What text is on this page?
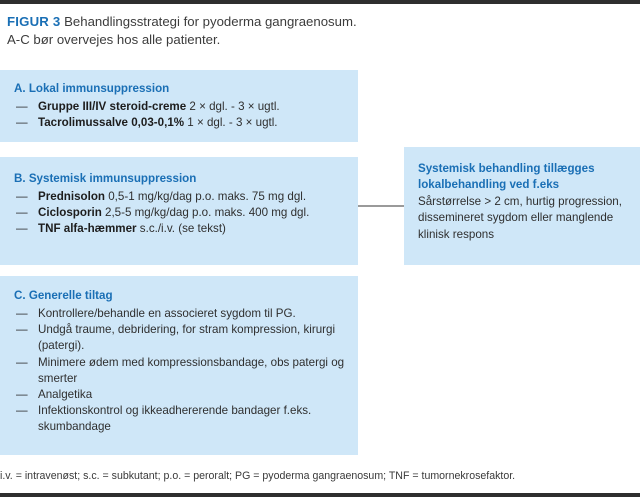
FIGUR 3 Behandlingsstrategi for pyoderma gangraenosum.
A-C bør overvejes hos alle patienter.
A. Lokal immunsuppression
— Gruppe III/IV steroid-creme 2 × dgl. - 3 × ugtl.
— Tacrolimussalve 0,03-0,1% 1 × dgl. - 3 × ugtl.
B. Systemisk immunsuppression
— Prednisolon 0,5-1 mg/kg/dag p.o. maks. 75 mg dgl.
— Ciclosporin 2,5-5 mg/kg/dag p.o. maks. 400 mg dgl.
— TNF alfa-hæmmer s.c./i.v. (se tekst)
Systemisk behandling tillægges
lokalbehandling ved f.eks
Sårstørrelse > 2 cm, hurtig progression, dissemineret sygdom eller manglende klinisk respons
C. Generelle tiltag
— Kontrollere/behandle en associeret sygdom til PG.
— Undgå traume, debridering, for stram kompression, kirurgi (patergi).
— Minimere ødem med kompressionsbandage, obs patergi og smerter
— Analgetika
— Infektionskontrol og ikkeadhererende bandager f.eks. skumbandage
i.v. = intravenøst; s.c. = subkutant; p.o. = peroralt; PG = pyoderma gangraenosum; TNF = tumornekrosefaktor.
